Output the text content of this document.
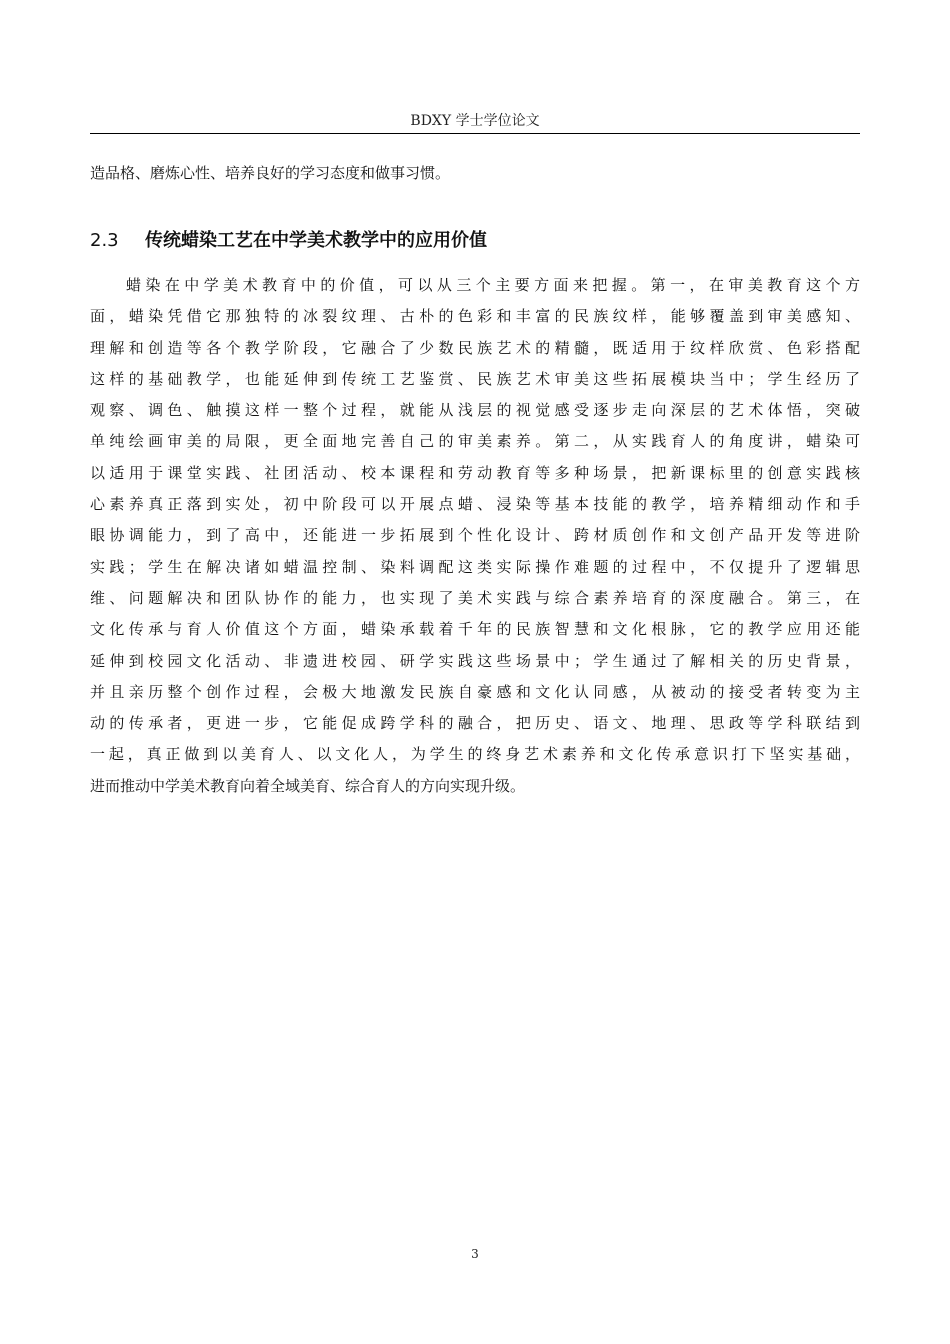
BDXY 学士学位论文
造品格、磨炼心性、培养良好的学习态度和做事习惯。
2.3 传统蜡染工艺在中学美术教学中的应用价值
蜡染在中学美术教育中的价值，可以从三个主要方面来把握。第一，在审美教育这个方
面，蜡染凭借它那独特的冰裂纹理、古朴的色彩和丰富的民族纹样，能够覆盖到审美感知、
理解和创造等各个教学阶段，它融合了少数民族艺术的精髓，既适用于纹样欣赏、色彩搭配
这样的基础教学，也能延伸到传统工艺鉴赏、民族艺术审美这些拓展模块当中；学生经历了
观察、调色、触摸这样一整个过程，就能从浅层的视觉感受逐步走向深层的艺术体悟，突破
单纯绘画审美的局限，更全面地完善自己的审美素养。第二，从实践育人的角度讲，蜡染可
以适用于课堂实践、社团活动、校本课程和劳动教育等多种场景，把新课标里的创意实践核
心素养真正落到实处，初中阶段可以开展点蜡、浸染等基本技能的教学，培养精细动作和手
眼协调能力，到了高中，还能进一步拓展到个性化设计、跨材质创作和文创产品开发等进阶
实践；学生在解决诸如蜡温控制、染料调配这类实际操作难题的过程中，不仅提升了逻辑思
维、问题解决和团队协作的能力，也实现了美术实践与综合素养培育的深度融合。第三，在
文化传承与育人价值这个方面，蜡染承载着千年的民族智慧和文化根脉，它的教学应用还能
延伸到校园文化活动、非遗进校园、研学实践这些场景中；学生通过了解相关的历史背景，
并且亲历整个创作过程，会极大地激发民族自豪感和文化认同感，从被动的接受者转变为主
动的传承者，更进一步，它能促成跨学科的融合，把历史、语文、地理、思政等学科联结到
一起，真正做到以美育人、以文化人，为学生的终身艺术素养和文化传承意识打下坚实基础，
进而推动中学美术教育向着全域美育、综合育人的方向实现升级。
3
